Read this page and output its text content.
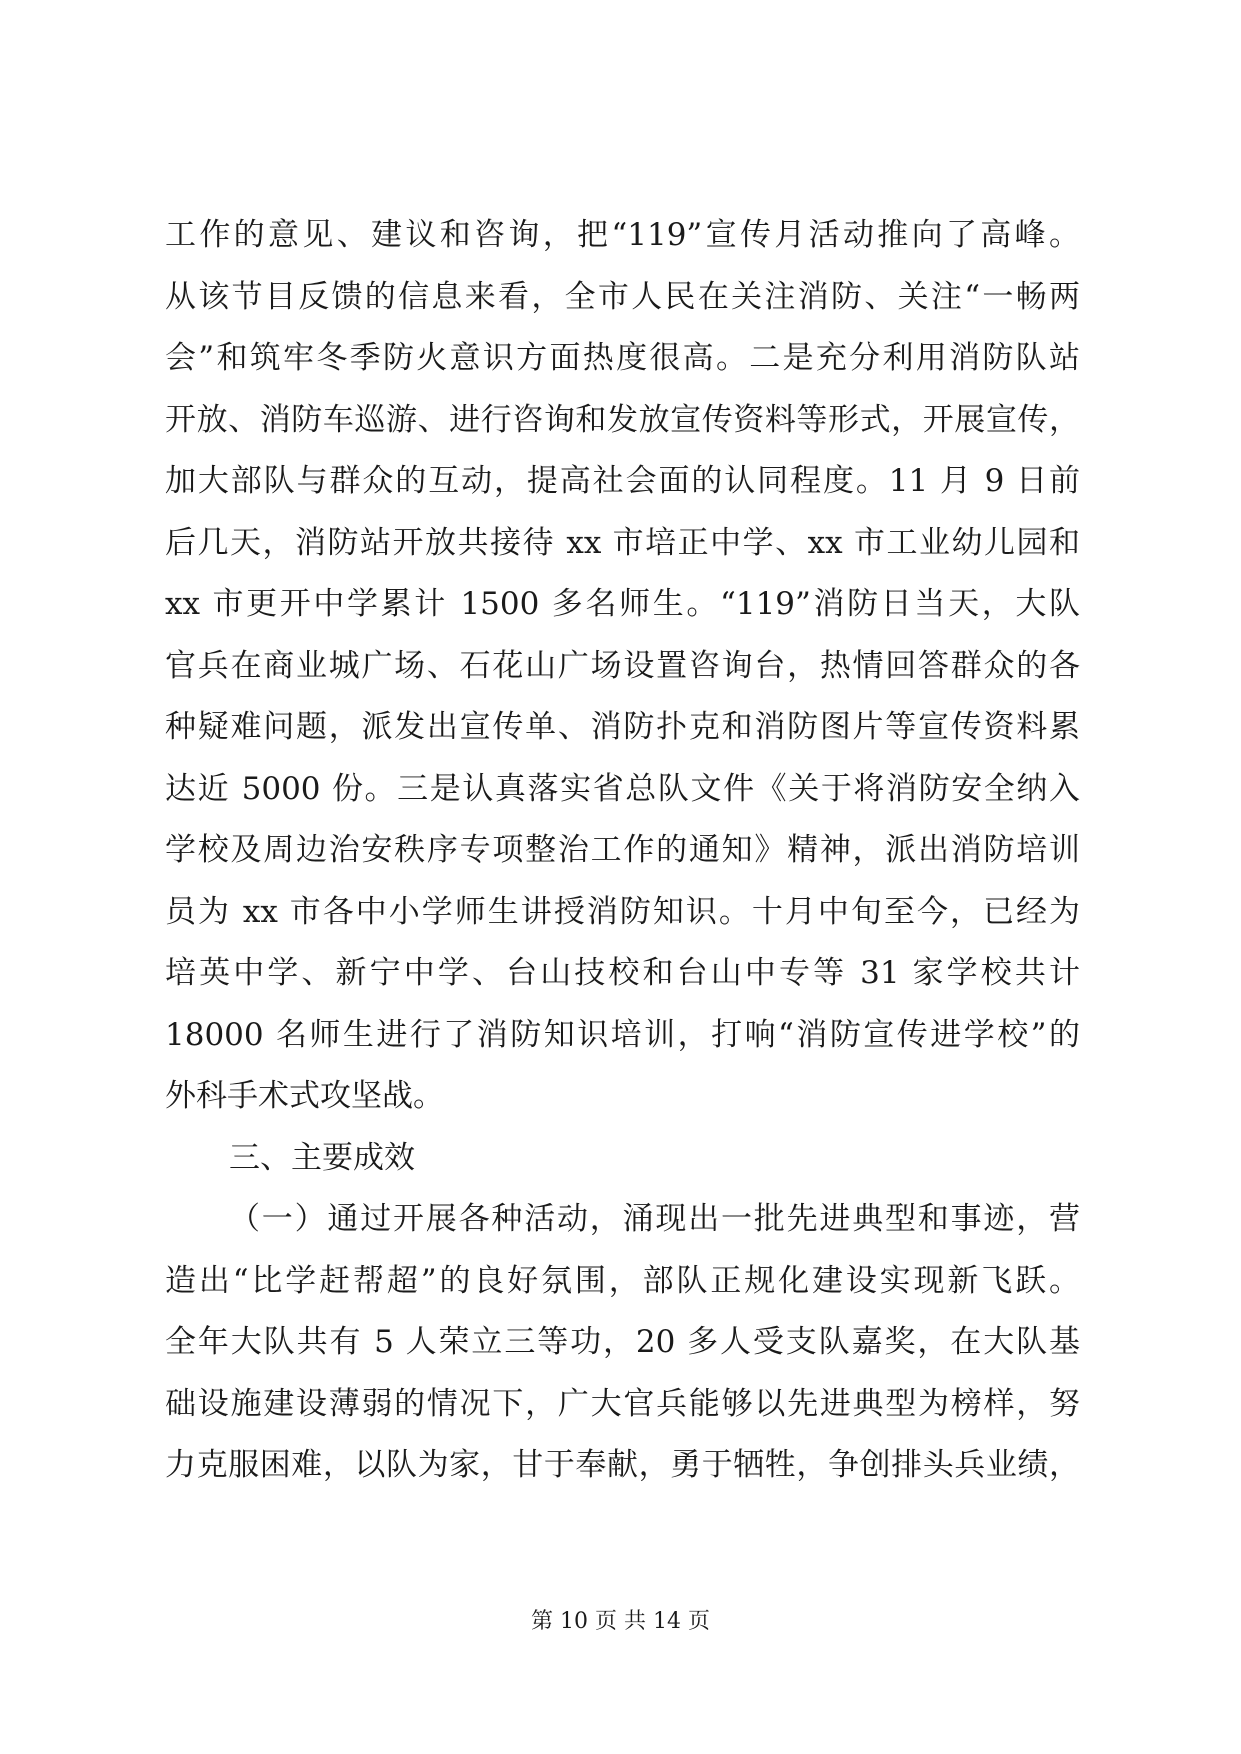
工作的意见、建议和咨询，把“119”宣传月活动推向了高峰。
从该节目反馈的信息来看，全市人民在关注消防、关注“一畅两
会”和筑牢冬季防火意识方面热度很高。二是充分利用消防队站
开放、消防车巡游、进行咨询和发放宣传资料等形式，开展宣传，
加大部队与群众的互动，提高社会面的认同程度。11 月 9 日前
后几天，消防站开放共接待 xx 市培正中学、xx 市工业幼儿园和
xx 市更开中学累计 1500 多名师生。“119”消防日当天，大队
官兵在商业城广场、石花山广场设置咨询台，热情回答群众的各
种疑难问题，派发出宣传单、消防扑克和消防图片等宣传资料累
达近 5000 份。三是认真落实省总队文件《关于将消防安全纳入
学校及周边治安秩序专项整治工作的通知》精神，派出消防培训
员为 xx 市各中小学师生讲授消防知识。十月中旬至今，已经为
培英中学、新宁中学、台山技校和台山中专等 31 家学校共计
18000 名师生进行了消防知识培训，打响“消防宣传进学校”的
外科手术式攻坚战。
三、主要成效
（一）通过开展各种活动，涌现出一批先进典型和事迹，营
造出“比学赶帮超”的良好氛围，部队正规化建设实现新飞跃。
全年大队共有 5 人荣立三等功，20 多人受支队嘉奖，在大队基
础设施建设薄弱的情况下，广大官兵能够以先进典型为榜样，努
力克服困难，以队为家，甘于奉献，勇于牺牲，争创排头兵业绩，
第 10 页 共 14 页
